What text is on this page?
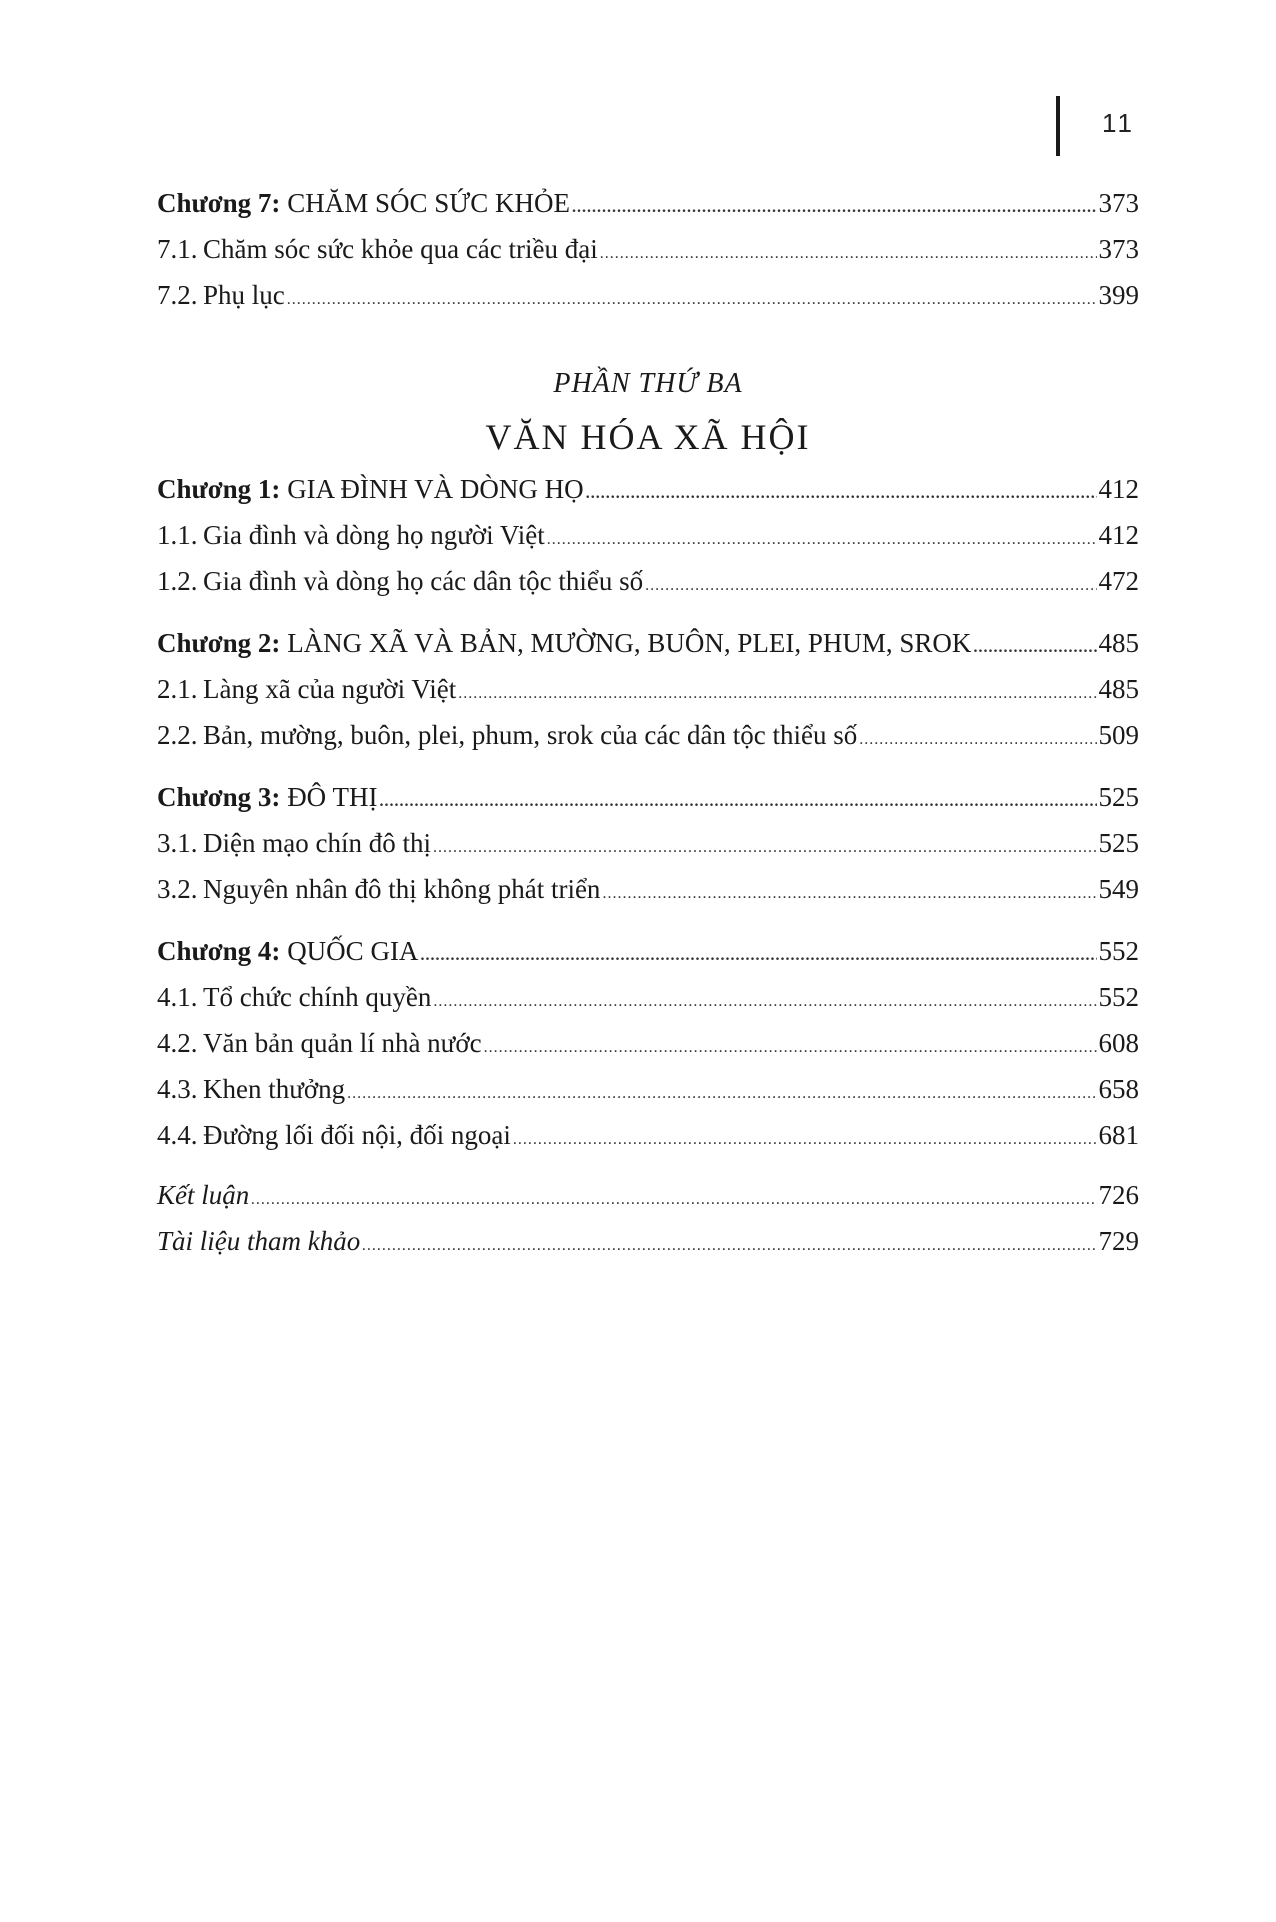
11
Chương 7: CHĂM SÓC SỨC KHỎE .....	373
7.1. Chăm sóc sức khỏe qua các triều đại .....	373
7.2. Phụ lục .....	399
PHẦN THỨ BA
VĂN HÓA XÃ HỘI
Chương 1: GIA ĐÌNH VÀ DÒNG HỌ .....	412
1.1. Gia đình và dòng họ người Việt .....	412
1.2. Gia đình và dòng họ các dân tộc thiểu số .....	472
Chương 2: LÀNG XÃ VÀ BẢN, MƯỜNG, BUÔN, PLEI, PHUM, SROK .....	485
2.1. Làng xã của người Việt .....	485
2.2. Bản, mường, buôn, plei, phum, srok của các dân tộc thiểu số .....	509
Chương 3: ĐÔ THỊ .....	525
3.1. Diện mạo chín đô thị .....	525
3.2. Nguyên nhân đô thị không phát triển .....	549
Chương 4: QUỐC GIA .....	552
4.1. Tổ chức chính quyền .....	552
4.2. Văn bản quản lí nhà nước .....	608
4.3. Khen thưởng .....	658
4.4. Đường lối đối nội, đối ngoại .....	681
Kết luận .....	726
Tài liệu tham khảo .....	729
